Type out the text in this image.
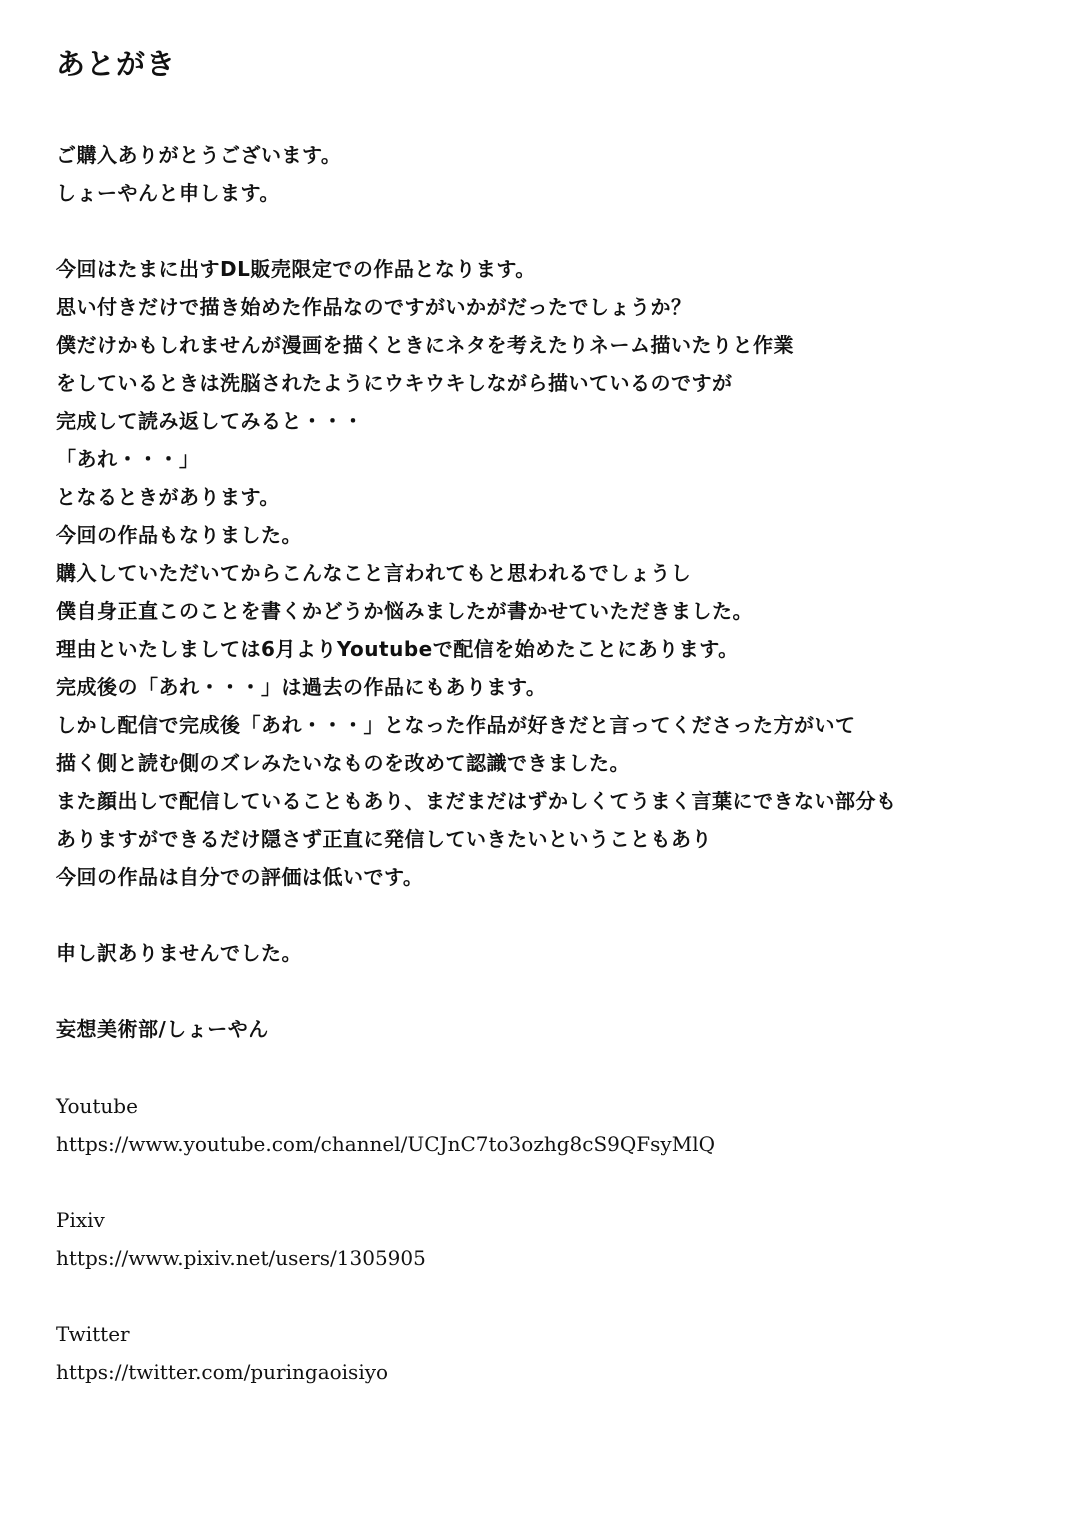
あとがき
ご購入ありがとうございます。
しょーやんと申します。
今回はたまに出すDL販売限定での作品となります。
思い付きだけで描き始めた作品なのですがいかがだったでしょうか？
僕だけかもしれませんが漫画を描くときにネタを考えたりネーム描いたりと作業
をしているときは洗脳されたようにウキウキしながら描いているのですが
完成して読み返してみると・・・
「あれ・・・」
となるときがあります。
今回の作品もなりました。
購入していただいてからこんなこと言われてもと思われるでしょうし
僕自身正直このことを書くかどうか悩みましたが書かせていただきました。
理由といたしましては6月よりYoutubeで配信を始めたことにあります。
完成後の「あれ・・・」は過去の作品にもあります。
しかし配信で完成後「あれ・・・」となった作品が好きだと言ってくださった方がいて
描く側と読む側のズレみたいなものを改めて認識できました。
また顔出しで配信していることもあり、まだまだはずかしくてうまく言葉にできない部分も
ありますができるだけ隠さず正直に発信していきたいということもあり
今回の作品は自分での評価は低いです。
申し訳ありませんでした。
妄想美術部/しょーやん
Youtube
https://www.youtube.com/channel/UCJnC7to3ozhg8cS9QFsyMlQ
Pixiv
https://www.pixiv.net/users/1305905
Twitter
https://twitter.com/puringaoisiyo
